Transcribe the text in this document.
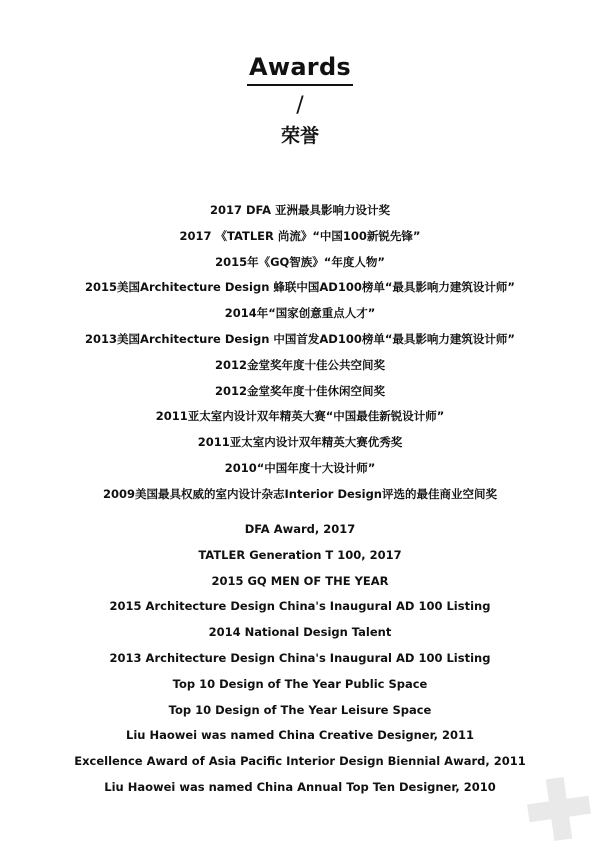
Awards
/
荣誉
2017 DFA 亚洲最具影响力设计奖
2017 《TATLER 尚流》“中国100新锐先锋”
2015年《GQ智族》“年度人物”
2015美国Architecture Design 蜂联中国AD100榜单“最具影响力建筑设计师”
2014年“国家创意重点人才”
2013美国Architecture Design 中国首发AD100榜单“最具影响力建筑设计师”
2012金堂奖年度十佳公共空间奖
2012金堂奖年度十佳休闲空间奖
2011亚太室内设计双年精英大赛“中国最佳新锐设计师”
2011亚太室内设计双年精英大赛优秀奖
2010“中国年度十大设计师”
2009美国最具权威的室内设计杂志Interior Design评选的最佳商业空间奖
DFA Award, 2017
TATLER Generation T 100, 2017
2015 GQ MEN OF THE YEAR
2015 Architecture Design China's Inaugural AD 100 Listing
2014 National Design Talent
2013 Architecture Design China's Inaugural AD 100 Listing
Top 10 Design of The Year Public Space
Top 10 Design of The Year Leisure Space
Liu Haowei was named China Creative Designer, 2011
Excellence Award of Asia Pacific Interior Design Biennial Award, 2011
Liu Haowei was named China Annual Top Ten Designer, 2010
